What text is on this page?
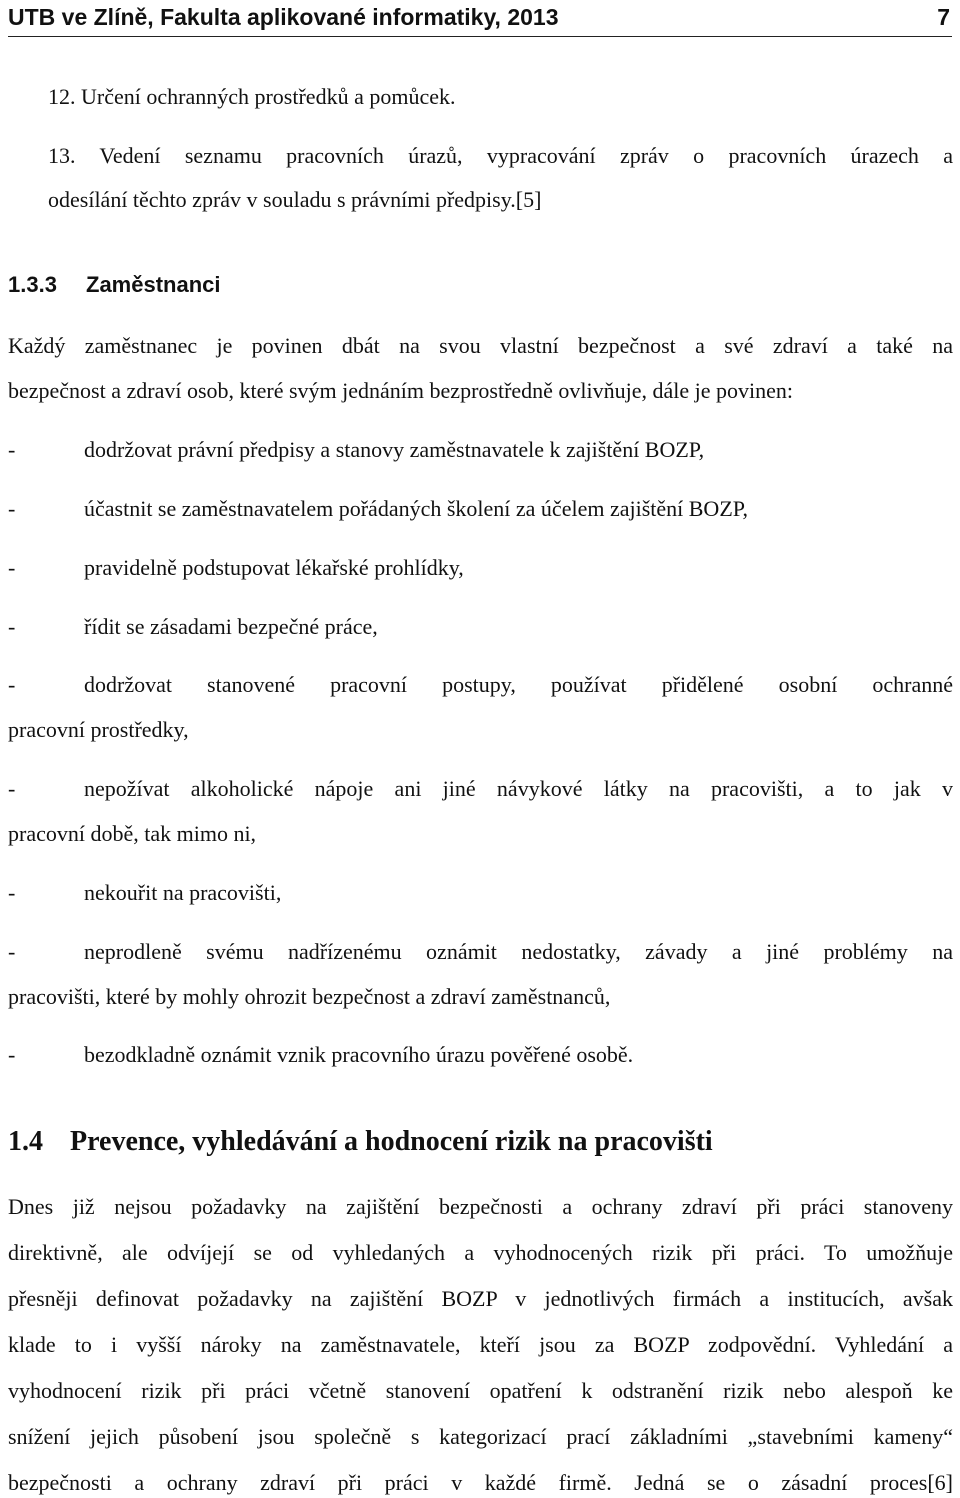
UTB ve Zlíně, Fakulta aplikované informatiky, 2013	7
12. Určení ochranných prostředků a pomůcek.
13. Vedení seznamu pracovních úrazů, vypracování zpráv o pracovních úrazech a
odesílání těchto zpráv v souladu s právními předpisy.[5]
1.3.3 Zaměstnanci
Každý zaměstnanec je povinen dbát na svou vlastní bezpečnost a své zdraví a také na
bezpečnost a zdraví osob, které svým jednáním bezprostředně ovlivňuje, dále je povinen:
-	dodržovat právní předpisy a stanovy zaměstnavatele k zajištění BOZP,
-	účastnit se zaměstnavatelem pořádaných školení za účelem zajištění BOZP,
-	pravidelně podstupovat lékařské prohlídky,
-	řídit se zásadami bezpečné práce,
-	dodržovat stanovené pracovní postupy, používat přidělené osobní ochranné
pracovní prostředky,
-	nepožívat alkoholické nápoje ani jiné návykové látky na pracovišti, a to jak v
pracovní době, tak mimo ni,
-	nekouřit na pracovišti,
-	neprodleně svému nadřízenému oznámit nedostatky, závady a jiné problémy na
pracovišti, které by mohly ohrozit bezpečnost a zdraví zaměstnanců,
-	bezodkladně oznámit vznik pracovního úrazu pověřené osobě.
1.4 Prevence, vyhledávání a hodnocení rizik na pracovišti
Dnes již nejsou požadavky na zajištění bezpečnosti a ochrany zdraví při práci stanoveny
direktivně, ale odvíjejí se od vyhledaných a vyhodnocených rizik při práci. To umožňuje
přesněji definovat požadavky na zajištění BOZP v jednotlivých firmách a institucích, avšak
klade to i vyšší nároky na zaměstnavatele, kteří jsou za BOZP zodpovědní. Vyhledání a
vyhodnocení rizik při práci včetně stanovení opatření k odstranění rizik nebo alespoň ke
snížení jejich působení jsou společně s kategorizací prací základními „stavebními kameny“
bezpečnosti a ochrany zdraví při práci v každé firmě. Jedná se o zásadní proces[6]
